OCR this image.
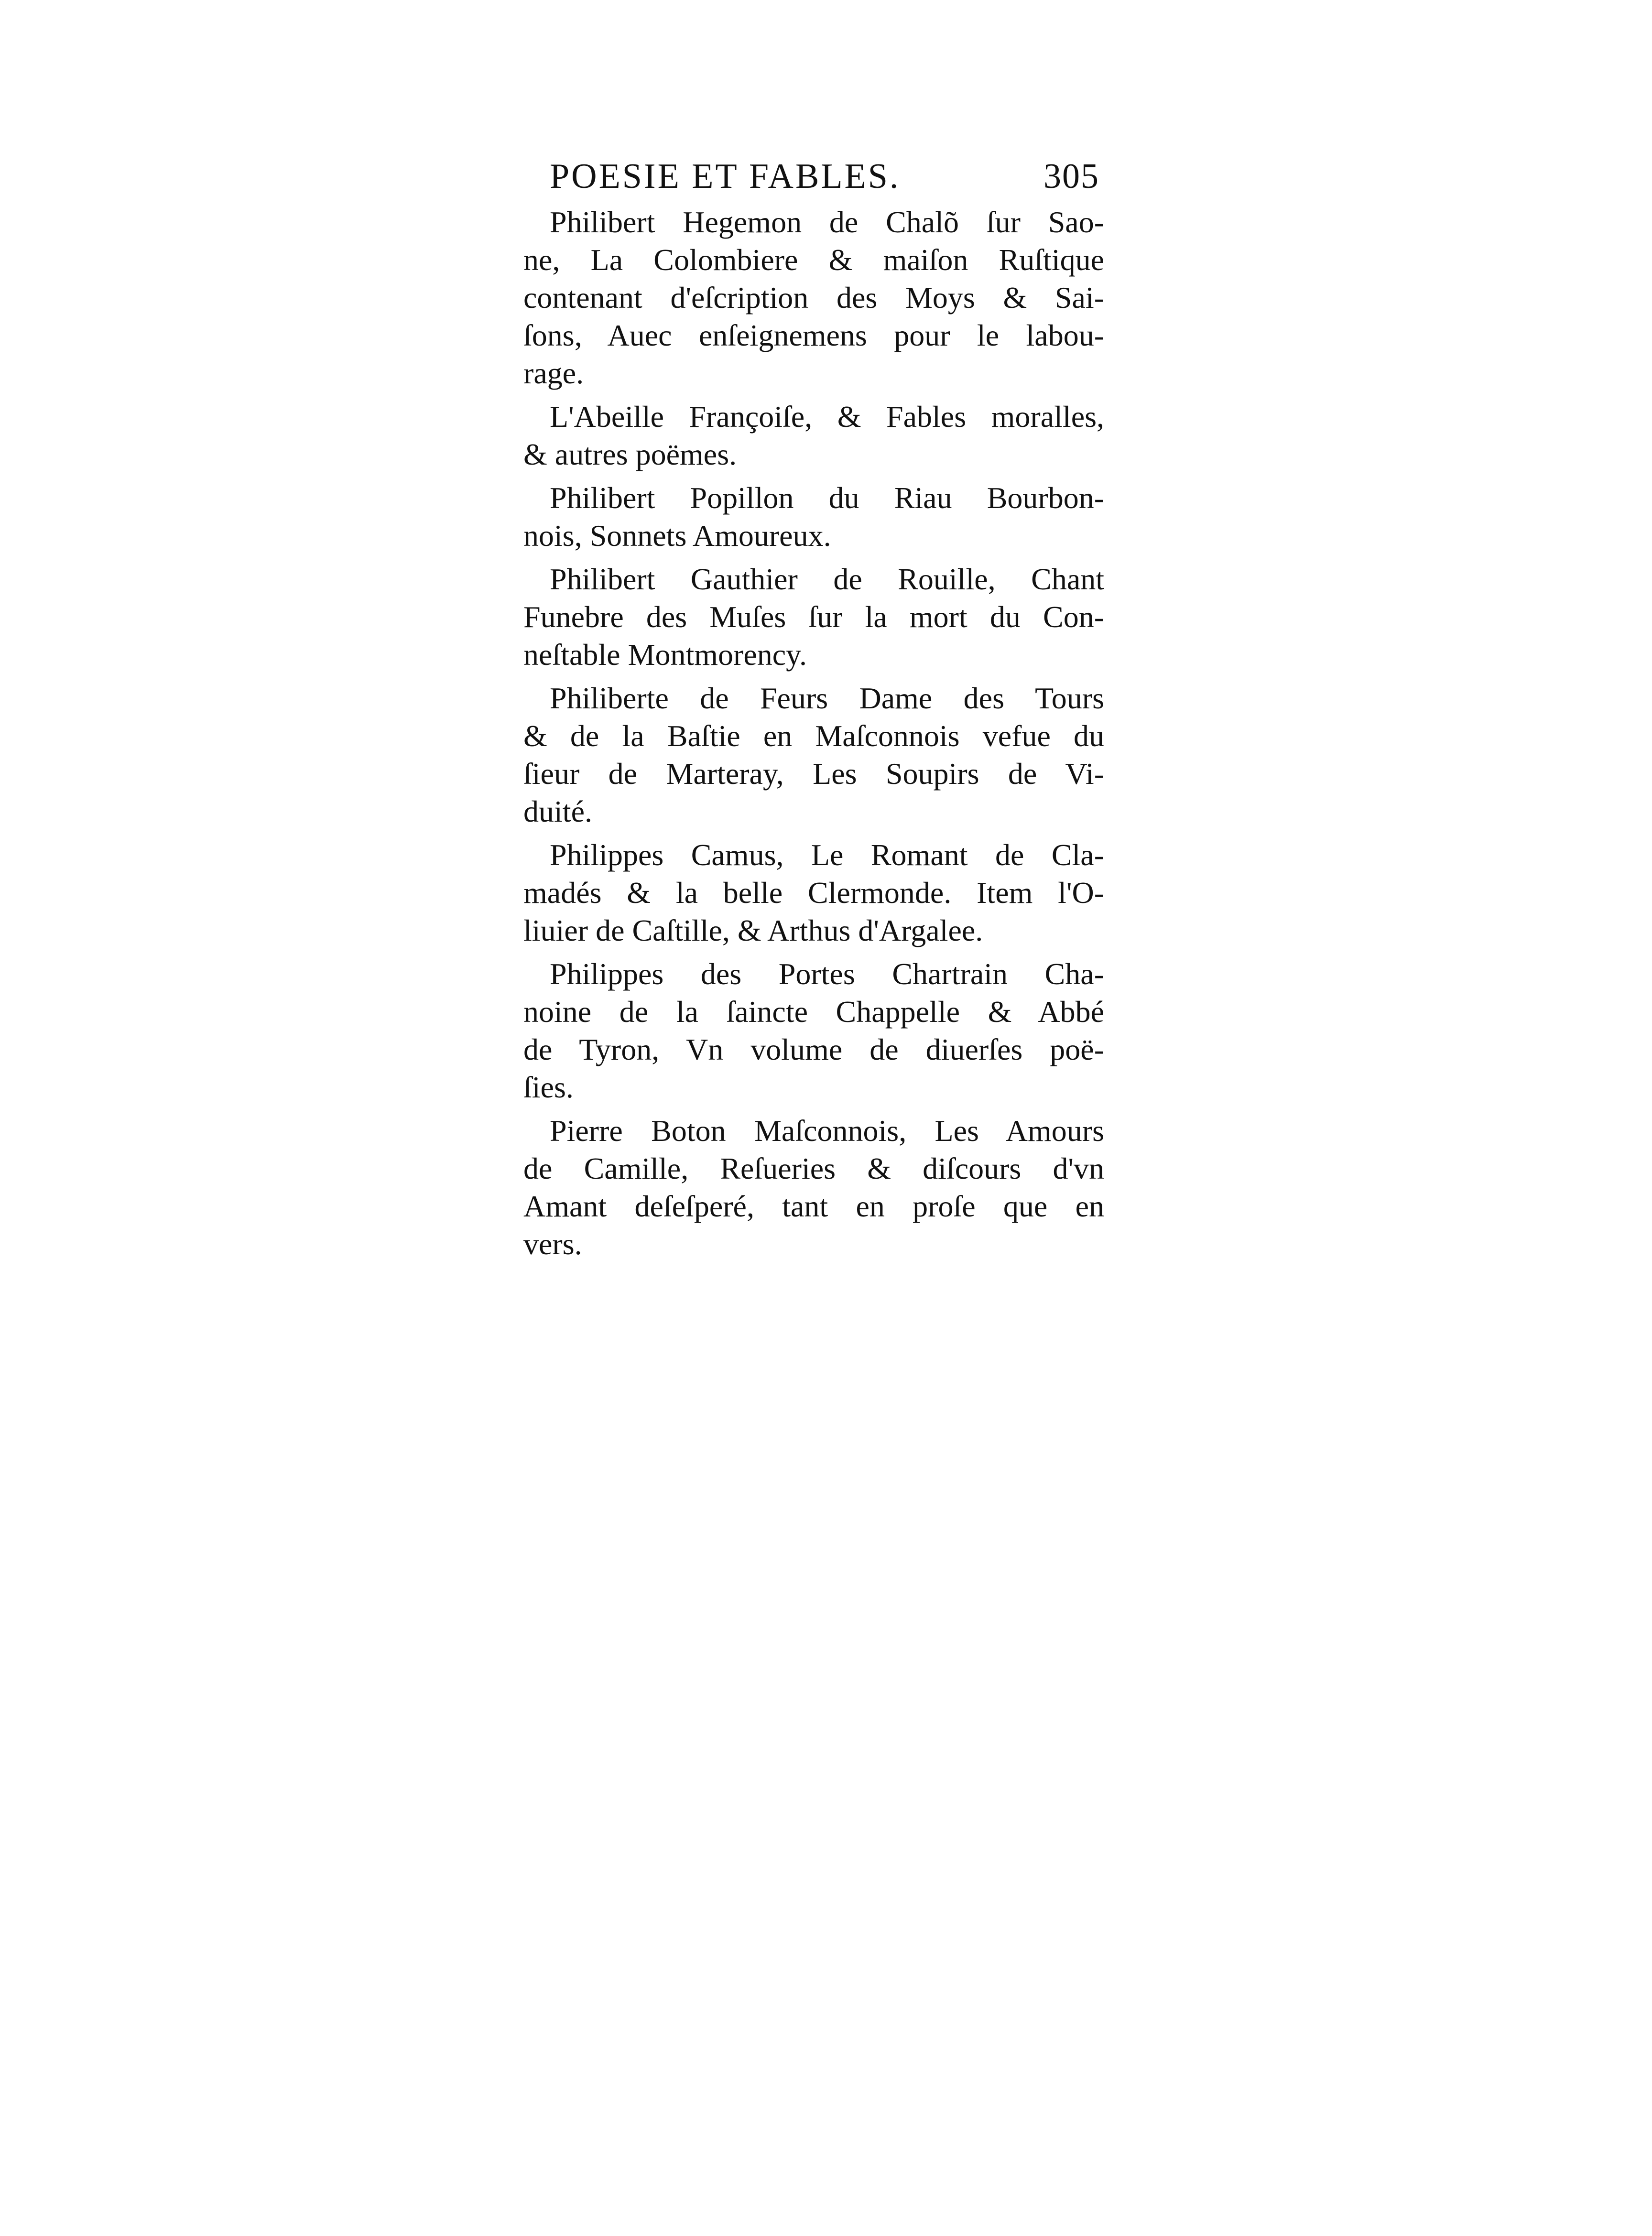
POESIE ET FABLES.	305
Philibert Hegemon de Chalõ ſur Sao-
ne, La Colombiere & maiſon Ruſtique
contenant d'eſcription des Moys & Sai-
ſons, Auec enſeignemens pour le labou-
rage.
L'Abeille Françoiſe, & Fables moralles,
& autres poëmes.
Philibert Popillon du Riau Bourbon-
nois, Sonnets Amoureux.
Philibert Gauthier de Rouille, Chant
Funebre des Muſes ſur la mort du Con-
neſtable Montmorency.
Philiberte de Feurs Dame des Tours
& de la Baſtie en Maſconnois vefue du
ſieur de Marteray, Les Soupirs de Vi-
duité.
Philippes Camus, Le Romant de Cla-
madés & la belle Clermonde. Item l'O-
liuier de Caſtille, & Arthus d'Argalee.
Philippes des Portes Chartrain Cha-
noine de la ſaincte Chappelle & Abbé
de Tyron, Vn volume de diuerſes poë-
ſies.
Pierre Boton Maſconnois, Les Amours
de Camille, Reſueries & diſcours d'vn
Amant deſeſperé, tant en proſe que en
vers.
